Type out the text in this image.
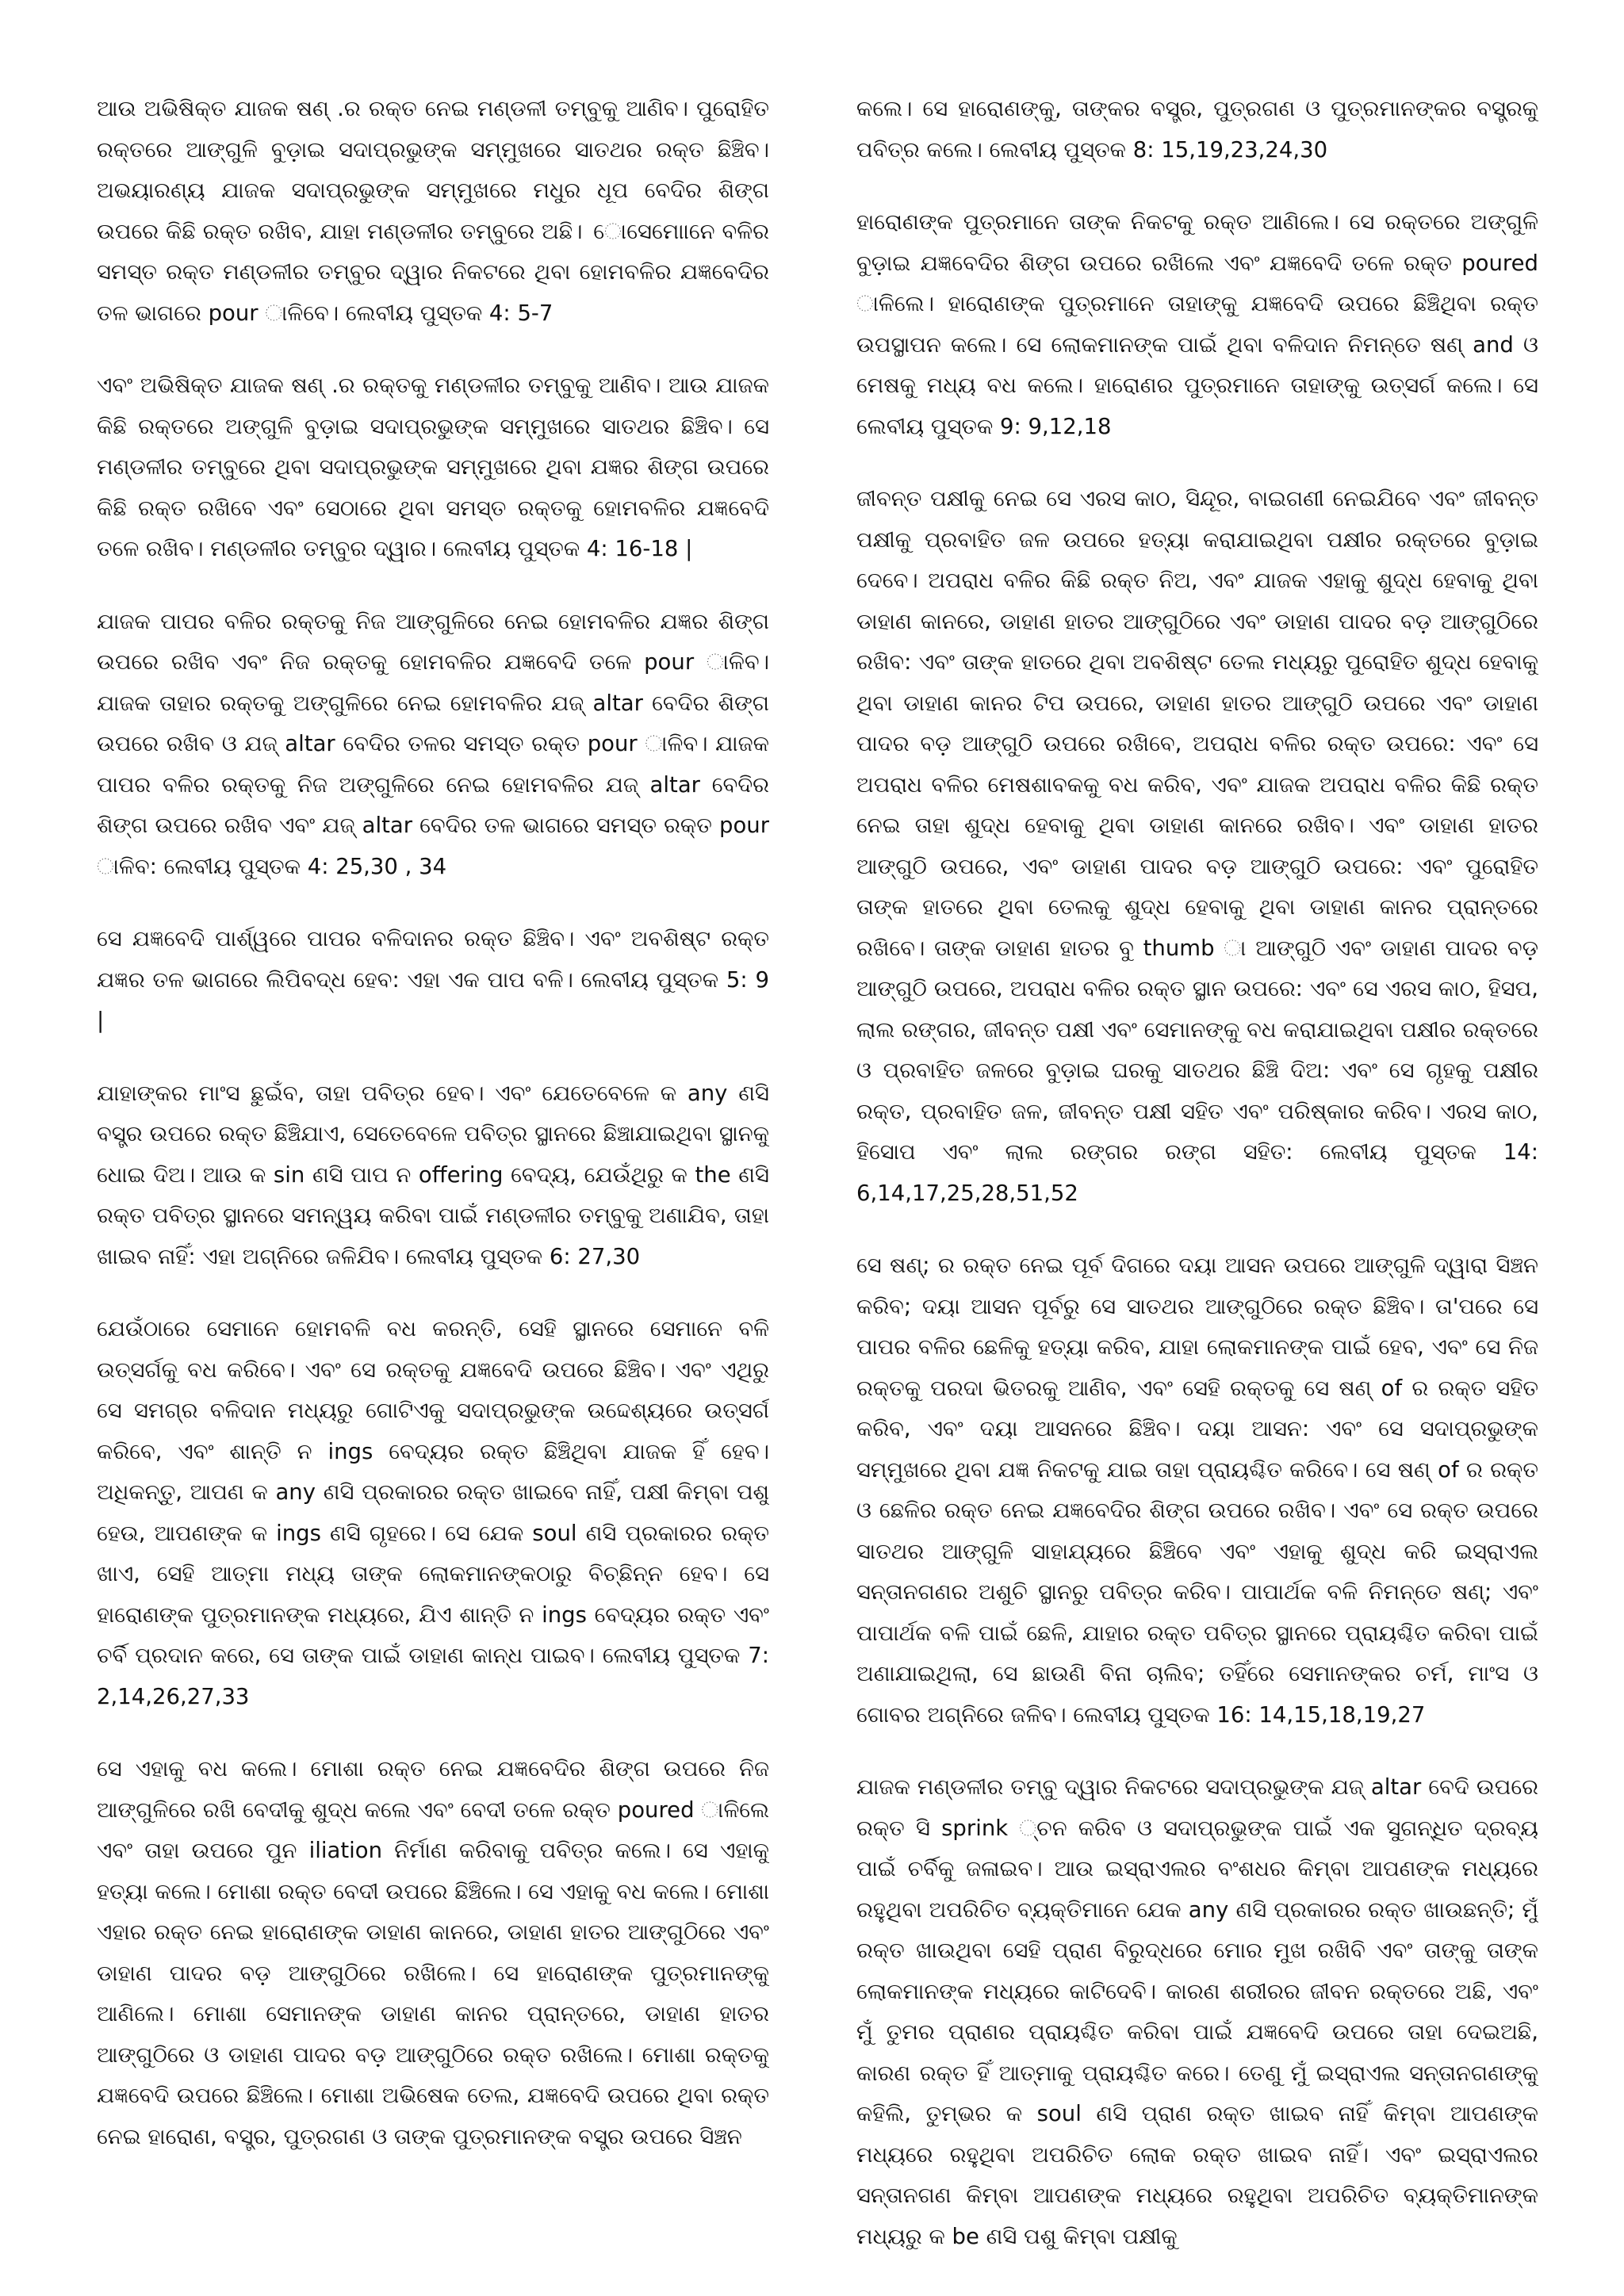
ଆଉ ଅଭିଷିକ୍ତ ଯାଜକ ଷଣ୍ .ର ରକ୍ତ ନେଇ ମଣ୍ଡଳୀ ତମ୍ବୁକୁ ଆଣିବ। ପୁରୋହିତ ରକ୍ତରେ ଆଙ୍ଗୁଳି ବୁଡ଼ାଇ ସଦାପ୍ରଭୁଙ୍କ ସମ୍ମୁଖରେ ସାତଥର ରକ୍ତ ଛିଞ୍ଚିବ। ଅଭୟାରଣ୍ୟ ଯାଜକ ସଦାପ୍ରଭୁଙ୍କ ସମ୍ମୁଖରେ ମଧୁର ଧୂପ ବେଦିର ଶିଙ୍ଗ ଉପରେ କିଛି ରକ୍ତ ରଖିବ, ଯାହା ମଣ୍ଡଳୀର ତମ୍ବୁରେ ଅଛି। ୋସେମାୋନେ ବଳିର ସମସ୍ତ ରକ୍ତ ମଣ୍ଡଳୀର ତମ୍ବୁର ଦ୍ୱାର ନିକଟରେ ଥିବା ହୋମବଳିର ଯଜ୍ଞବେଦିର ତଳ ଭାଗରେ pour ାଳିବେ। ଲେବୀୟ ପୁସ୍ତକ 4: 5-7

ଏବଂ ଅଭିଷିକ୍ତ ଯାଜକ ଷଣ୍ .ର ରକ୍ତକୁ ମଣ୍ଡଳୀର ତମ୍ବୁକୁ ଆଣିବ। ଆଉ ଯାଜକ କିଛି ରକ୍ତରେ ଅଙ୍ଗୁଳି ବୁଡ଼ାଇ ସଦାପ୍ରଭୁଙ୍କ ସମ୍ମୁଖରେ ସାତଥର ଛିଞ୍ଚିବ। ସେ ମଣ୍ଡଳୀର ତମ୍ବୁରେ ଥିବା ସଦାପ୍ରଭୁଙ୍କ ସମ୍ମୁଖରେ ଥିବା ଯଜ୍ଞର ଶିଙ୍ଗ ଉପରେ କିଛି ରକ୍ତ ରଖିବେ ଏବଂ ସେଠାରେ ଥିବା ସମସ୍ତ ରକ୍ତକୁ ହୋମବଳିର ଯଜ୍ଞବେଦି ତଳେ ରଖିବ। ମଣ୍ଡଳୀର ତମ୍ବୁର ଦ୍ୱାର। ଲେବୀୟ ପୁସ୍ତକ 4: 16-18 |

ଯାଜକ ପାପର ବଳିର ରକ୍ତକୁ ନିଜ ଆଙ୍ଗୁଳିରେ ନେଇ ହୋମବଳିର ଯଜ୍ଞର ଶିଙ୍ଗ ଉପରେ ରଖିବ ଏବଂ ନିଜ ରକ୍ତକୁ ହୋମବଳିର ଯଜ୍ଞବେଦି ତଳେ pour ାଳିବ। ଯାଜକ ତାହାର ରକ୍ତକୁ ଅଙ୍ଗୁଳିରେ ନେଇ ହୋମବଳିର ଯଜ୍ altar ବେଦିର ଶିଙ୍ଗ ଉପରେ ରଖିବ ଓ ଯଜ୍ altar ବେଦିର ତଳର ସମସ୍ତ ରକ୍ତ pour ାଳିବ। ଯାଜକ ପାପର ବଳିର ରକ୍ତକୁ ନିଜ ଅଙ୍ଗୁଳିରେ ନେଇ ହୋମବଳିର ଯଜ୍ altar ବେଦିର ଶିଙ୍ଗ ଉପରେ ରଖିବ ଏବଂ ଯଜ୍ altar ବେଦିର ତଳ ଭାଗରେ ସମସ୍ତ ରକ୍ତ pour ାଳିବ: ଲେବୀୟ ପୁସ୍ତକ 4: 25,30 , 34

ସେ ଯଜ୍ଞବେଦି ପାର୍ଶ୍ୱରେ ପାପର ବଳିଦାନର ରକ୍ତ ଛିଞ୍ଚିବ। ଏବଂ ଅବଶିଷ୍ଟ ରକ୍ତ ଯଜ୍ଞର ତଳ ଭାଗରେ ଲିପିବଦ୍ଧ ହେବ: ଏହା ଏକ ପାପ ବଳି। ଲେବୀୟ ପୁସ୍ତକ 5: 9 |

ଯାହାଙ୍କର ମାଂସ ଛୁଇଁବ, ତାହା ପବିତ୍ର ହେବ। ଏବଂ ଯେତେବେଳେ କ any ଣସି ବସ୍ତ୍ର ଉପରେ ରକ୍ତ ଛିଞ୍ଚିଯାଏ, ସେତେବେଳେ ପବିତ୍ର ସ୍ଥାନରେ ଛିଞ୍ଚାଯାଇଥିବା ସ୍ଥାନକୁ ଧୋଇ ଦିଅ। ଆଉ କ sin ଣସି ପାପ ନ offering ବେଦ୍ୟ, ଯେଉଁଥିରୁ କ the ଣସି ରକ୍ତ ପବିତ୍ର ସ୍ଥାନରେ ସମନ୍ୱୟ କରିବା ପାଇଁ ମଣ୍ଡଳୀର ତମ୍ବୁକୁ ଅଣାଯିବ, ତାହା ଖାଇବ ନାହିଁ: ଏହା ଅଗ୍ନିରେ ଜଳିଯିବ। ଲେବୀୟ ପୁସ୍ତକ 6: 27,30

ଯେଉଁଠାରେ ସେମାନେ ହୋମବଳି ବଧ କରନ୍ତି, ସେହି ସ୍ଥାନରେ ସେମାନେ ବଳି ଉତ୍ସର୍ଗକୁ ବଧ କରିବେ। ଏବଂ ସେ ରକ୍ତକୁ ଯଜ୍ଞବେଦି ଉପରେ ଛିଞ୍ଚିବ। ଏବଂ ଏଥିରୁ ସେ ସମଗ୍ର ବଳିଦାନ ମଧ୍ୟରୁ ଗୋଟିଏକୁ ସଦାପ୍ରଭୁଙ୍କ ଉଦ୍ଦେଶ୍ୟରେ ଉତ୍ସର୍ଗ କରିବେ, ଏବଂ ଶାନ୍ତି ନ ings ବେଦ୍ୟର ରକ୍ତ ଛିଞ୍ଚିଥିବା ଯାଜକ ହିଁ ହେବ। ଅଧିକନ୍ତୁ, ଆପଣ କ any ଣସି ପ୍ରକାରର ରକ୍ତ ଖାଇବେ ନାହିଁ, ପକ୍ଷୀ କିମ୍ବା ପଶୁ ହେଉ, ଆପଣଙ୍କ କ ings ଣସି ଗୃହରେ। ସେ ଯେକ soul ଣସି ପ୍ରକାରର ରକ୍ତ ଖାଏ, ସେହି ଆତ୍ମା ମଧ୍ୟ ତାଙ୍କ ଲୋକମାନଙ୍କଠାରୁ ବିଚ୍ଛିନ୍ନ ହେବ। ସେ ହାରୋଣଙ୍କ ପୁତ୍ରମାନଙ୍କ ମଧ୍ୟରେ, ଯିଏ ଶାନ୍ତି ନ ings ବେଦ୍ୟର ରକ୍ତ ଏବଂ ଚର୍ବି ପ୍ରଦାନ କରେ, ସେ ତାଙ୍କ ପାଇଁ ଡାହାଣ କାନ୍ଧ ପାଇବ। ଲେବୀୟ ପୁସ୍ତକ 7: 2,14,26,27,33

ସେ ଏହାକୁ ବଧ କଲେ। ମୋଶା ରକ୍ତ ନେଇ ଯଜ୍ଞବେଦିର ଶିଙ୍ଗ ଉପରେ ନିଜ ଆଙ୍ଗୁଳିରେ ରଖି ବେଦୀକୁ ଶୁଦ୍ଧ କଲେ ଏବଂ ବେଦୀ ତଳେ ରକ୍ତ poured ାଳିଲେ ଏବଂ ତାହା ଉପରେ ପୁନ iliation ନିର୍ମାଣ କରିବାକୁ ପବିତ୍ର କଲେ। ସେ ଏହାକୁ ହତ୍ୟା କଲେ। ମୋଶା ରକ୍ତ ବେଦୀ ଉପରେ ଛିଞ୍ଚିଲେ। ସେ ଏହାକୁ ବଧ କଲେ। ମୋଶା ଏହାର ରକ୍ତ ନେଇ ହାରୋଣଙ୍କ ଡାହାଣ କାନରେ, ଡାହାଣ ହାତର ଆଙ୍ଗୁଠିରେ ଏବଂ ଡାହାଣ ପାଦର ବଡ଼ ଆଙ୍ଗୁଠିରେ ରଖିଲେ। ସେ ହାରୋଣଙ୍କ ପୁତ୍ରମାନଙ୍କୁ ଆଣିଲେ। ମୋଶା ସେମାନଙ୍କ ଡାହାଣ କାନର ପ୍ରାନ୍ତରେ, ଡାହାଣ ହାତର ଆଙ୍ଗୁଠିରେ ଓ ଡାହାଣ ପାଦର ବଡ଼ ଆଙ୍ଗୁଠିରେ ରକ୍ତ ରଖିଲେ। ମୋଶା ରକ୍ତକୁ ଯଜ୍ଞବେଦି ଉପରେ ଛିଞ୍ଚିଲେ। ମୋଶା ଅଭିଷେକ ତେଲ, ଯଜ୍ଞବେଦି ଉପରେ ଥିବା ରକ୍ତ ନେଇ ହାରୋଣ, ବସ୍ତ୍ର, ପୁତ୍ରଗଣ ଓ ତାଙ୍କ ପୁତ୍ରମାନଙ୍କ ବସ୍ତ୍ର ଉପରେ ସିଞ୍ଚନ

କଲେ। ସେ ହାରୋଣଙ୍କୁ, ତାଙ୍କର ବସ୍ତ୍ର, ପୁତ୍ରଗଣ ଓ ପୁତ୍ରମାନଙ୍କର ବସ୍ତ୍ରକୁ ପବିତ୍ର କଲେ। ଲେବୀୟ ପୁସ୍ତକ 8: 15,19,23,24,30

ହାରୋଣଙ୍କ ପୁତ୍ରମାନେ ତାଙ୍କ ନିକଟକୁ ରକ୍ତ ଆଣିଲେ। ସେ ରକ୍ତରେ ଅଙ୍ଗୁଳି ବୁଡ଼ାଇ ଯଜ୍ଞବେଦିର ଶିଙ୍ଗ ଉପରେ ରଖିଲେ ଏବଂ ଯଜ୍ଞବେଦି ତଳେ ରକ୍ତ poured ାଳିଲେ। ହାରୋଣଙ୍କ ପୁତ୍ରମାନେ ତାହାଙ୍କୁ ଯଜ୍ଞବେଦି ଉପରେ ଛିଞ୍ଚିଥିବା ରକ୍ତ ଉପସ୍ଥାପନ କଲେ। ସେ ଲୋକମାନଙ୍କ ପାଇଁ ଥିବା ବଳିଦାନ ନିମନ୍ତେ ଷଣ୍ and ଓ ମେଷକୁ ମଧ୍ୟ ବଧ କଲେ। ହାରୋଣର ପୁତ୍ରମାନେ ତାହାଙ୍କୁ ଉତ୍ସର୍ଗ କଲେ। ସେ ଲେବୀୟ ପୁସ୍ତକ 9: 9,12,18

ଜୀବନ୍ତ ପକ୍ଷୀକୁ ନେଇ ସେ ଏରସ କାଠ, ସିନ୍ଦୂର, ବାଇଗଣୀ ନେଇଯିବେ ଏବଂ ଜୀବନ୍ତ ପକ୍ଷୀକୁ ପ୍ରବାହିତ ଜଳ ଉପରେ ହତ୍ୟା କରାଯାଇଥିବା ପକ୍ଷୀର ରକ୍ତରେ ବୁଡ଼ାଇ ଦେବେ। ଅପରାଧ ବଳିର କିଛି ରକ୍ତ ନିଅ, ଏବଂ ଯାଜକ ଏହାକୁ ଶୁଦ୍ଧ ହେବାକୁ ଥିବା ଡାହାଣ କାନରେ, ଡାହାଣ ହାତର ଆଙ୍ଗୁଠିରେ ଏବଂ ଡାହାଣ ପାଦର ବଡ଼ ଆଙ୍ଗୁଠିରେ ରଖିବ: ଏବଂ ତାଙ୍କ ହାତରେ ଥିବା ଅବଶିଷ୍ଟ ତେଲ ମଧ୍ୟରୁ ପୁରୋହିତ ଶୁଦ୍ଧ ହେବାକୁ ଥିବା ଡାହାଣ କାନର ଟିପ ଉପରେ, ଡାହାଣ ହାତର ଆଙ୍ଗୁଠି ଉପରେ ଏବଂ ଡାହାଣ ପାଦର ବଡ଼ ଆଙ୍ଗୁଠି ଉପରେ ରଖିବେ, ଅପରାଧ ବଳିର ରକ୍ତ ଉପରେ: ଏବଂ ସେ ଅପରାଧ ବଳିର ମେଷଶାବକକୁ ବଧ କରିବ, ଏବଂ ଯାଜକ ଅପରାଧ ବଳିର କିଛି ରକ୍ତ ନେଇ ତାହା ଶୁଦ୍ଧ ହେବାକୁ ଥିବା ଡାହାଣ କାନରେ ରଖିବ। ଏବଂ ଡାହାଣ ହାତର ଆଙ୍ଗୁଠି ଉପରେ, ଏବଂ ଡାହାଣ ପାଦର ବଡ଼ ଆଙ୍ଗୁଠି ଉପରେ: ଏବଂ ପୁରୋହିତ ତାଙ୍କ ହାତରେ ଥିବା ତେଲକୁ ଶୁଦ୍ଧ ହେବାକୁ ଥିବା ଡାହାଣ କାନର ପ୍ରାନ୍ତରେ ରଖିବେ। ତାଙ୍କ ଡାହାଣ ହାତର ବୁ thumb ା ଆଙ୍ଗୁଠି ଏବଂ ଡାହାଣ ପାଦର ବଡ଼ ଆଙ୍ଗୁଠି ଉପରେ, ଅପରାଧ ବଳିର ରକ୍ତ ସ୍ଥାନ ଉପରେ: ଏବଂ ସେ ଏରସ କାଠ, ହିସପ, ଲାଲ ରଙ୍ଗର, ଜୀବନ୍ତ ପକ୍ଷୀ ଏବଂ ସେମାନଙ୍କୁ ବଧ କରାଯାଇଥିବା ପକ୍ଷୀର ରକ୍ତରେ ଓ ପ୍ରବାହିତ ଜଳରେ ବୁଡ଼ାଇ ଘରକୁ ସାତଥର ଛିଞ୍ଚି ଦିଅ: ଏବଂ ସେ ଗୃହକୁ ପକ୍ଷୀର ରକ୍ତ, ପ୍ରବାହିତ ଜଳ, ଜୀବନ୍ତ ପକ୍ଷୀ ସହିତ ଏବଂ ପରିଷ୍କାର କରିବ। ଏରସ କାଠ, ହିସୋପ ଏବଂ ଲାଲ ରଙ୍ଗର ରଙ୍ଗ ସହିତ: ଲେବୀୟ ପୁସ୍ତକ 14: 6,14,17,25,28,51,52

ସେ ଷଣ୍; ର ରକ୍ତ ନେଇ ପୂର୍ବ ଦିଗରେ ଦୟା ଆସନ ଉପରେ ଆଙ୍ଗୁଳି ଦ୍ୱାରା ସିଞ୍ଚନ କରିବ; ଦୟା ଆସନ ପୂର୍ବରୁ ସେ ସାତଥର ଆଙ୍ଗୁଠିରେ ରକ୍ତ ଛିଞ୍ଚିବ। ତା'ପରେ ସେ ପାପର ବଳିର ଛେଳିକୁ ହତ୍ୟା କରିବ, ଯାହା ଲୋକମାନଙ୍କ ପାଇଁ ହେବ, ଏବଂ ସେ ନିଜ ରକ୍ତକୁ ପରଦା ଭିତରକୁ ଆଣିବ, ଏବଂ ସେହି ରକ୍ତକୁ ସେ ଷଣ୍ of ର ରକ୍ତ ସହିତ କରିବ, ଏବଂ ଦୟା ଆସନରେ ଛିଞ୍ଚିବ। ଦୟା ଆସନ: ଏବଂ ସେ ସଦାପ୍ରଭୁଙ୍କ ସମ୍ମୁଖରେ ଥିବା ଯଜ୍ଞ ନିକଟକୁ ଯାଇ ତାହା ପ୍ରାୟଶ୍ଚିତ କରିବେ। ସେ ଷଣ୍ of ର ରକ୍ତ ଓ ଛେଳିର ରକ୍ତ ନେଇ ଯଜ୍ଞବେଦିର ଶିଙ୍ଗ ଉପରେ ରଖିବ। ଏବଂ ସେ ରକ୍ତ ଉପରେ ସାତଥର ଆଙ୍ଗୁଳି ସାହାଯ୍ୟରେ ଛିଞ୍ଚିବେ ଏବଂ ଏହାକୁ ଶୁଦ୍ଧ କରି ଇସ୍ରାଏଲ ସନ୍ତାନଗଣର ଅଶୁଚି ସ୍ଥାନରୁ ପବିତ୍ର କରିବ। ପାପାର୍ଥକ ବଳି ନିମନ୍ତେ ଷଣ୍; ଏବଂ ପାପାର୍ଥକ ବଳି ପାଇଁ ଛେଳି, ଯାହାର ରକ୍ତ ପବିତ୍ର ସ୍ଥାନରେ ପ୍ରାୟଶ୍ଚିତ କରିବା ପାଇଁ ଅଣାଯାଇଥିଲା, ସେ ଛାଉଣି ବିନା ଚାଲିବ; ତହିଁରେ ସେମାନଙ୍କର ଚର୍ମ, ମାଂସ ଓ ଗୋବର ଅଗ୍ନିରେ ଜଳିବ। ଲେବୀୟ ପୁସ୍ତକ 16: 14,15,18,19,27

ଯାଜକ ମଣ୍ଡଳୀର ତମ୍ବୁ ଦ୍ୱାର ନିକଟରେ ସଦାପ୍ରଭୁଙ୍କ ଯଜ୍ altar ବେଦି ଉପରେ ରକ୍ତ ସି sprink ୍ଚନ କରିବ ଓ ସଦାପ୍ରଭୁଙ୍କ ପାଇଁ ଏକ ସୁଗନ୍ଧିତ ଦ୍ରବ୍ୟ ପାଇଁ ଚର୍ବିକୁ ଜଳାଇବ। ଆଉ ଇସ୍ରାଏଲର ବଂଶଧର କିମ୍ବା ଆପଣଙ୍କ ମଧ୍ୟରେ ରହୁଥିବା ଅପରିଚିତ ବ୍ୟକ୍ତିମାନେ ଯେକ any ଣସି ପ୍ରକାରର ରକ୍ତ ଖାଉଛନ୍ତି; ମୁଁ ରକ୍ତ ଖାଉଥିବା ସେହି ପ୍ରାଣ ବିରୁଦ୍ଧରେ ମୋର ମୁଖ ରଖିବି ଏବଂ ତାଙ୍କୁ ତାଙ୍କ ଲୋକମାନଙ୍କ ମଧ୍ୟରେ କାଟିଦେବି। କାରଣ ଶରୀରର ଜୀବନ ରକ୍ତରେ ଅଛି, ଏବଂ ମୁଁ ତୁମର ପ୍ରାଣର ପ୍ରାୟଶ୍ଚିତ କରିବା ପାଇଁ ଯଜ୍ଞବେଦି ଉପରେ ତାହା ଦେଇଅଛି, କାରଣ ରକ୍ତ ହିଁ ଆତ୍ମାକୁ ପ୍ରାୟଶ୍ଚିତ କରେ। ତେଣୁ ମୁଁ ଇସ୍ରାଏଲ ସନ୍ତାନଗଣଙ୍କୁ କହିଲି, ତୁମ୍ଭର କ soul ଣସି ପ୍ରାଣ ରକ୍ତ ଖାଇବ ନାହିଁ କିମ୍ବା ଆପଣଙ୍କ ମଧ୍ୟରେ ରହୁଥିବା ଅପରିଚିତ ଲୋକ ରକ୍ତ ଖାଇବ ନାହିଁ। ଏବଂ ଇସ୍ରାଏଲର ସନ୍ତାନଗଣ କିମ୍ବା ଆପଣଙ୍କ ମଧ୍ୟରେ ରହୁଥିବା ଅପରିଚିତ ବ୍ୟକ୍ତିମାନଙ୍କ ମଧ୍ୟରୁ କ be ଣସି ପଶୁ କିମ୍ବା ପକ୍ଷୀକୁ
